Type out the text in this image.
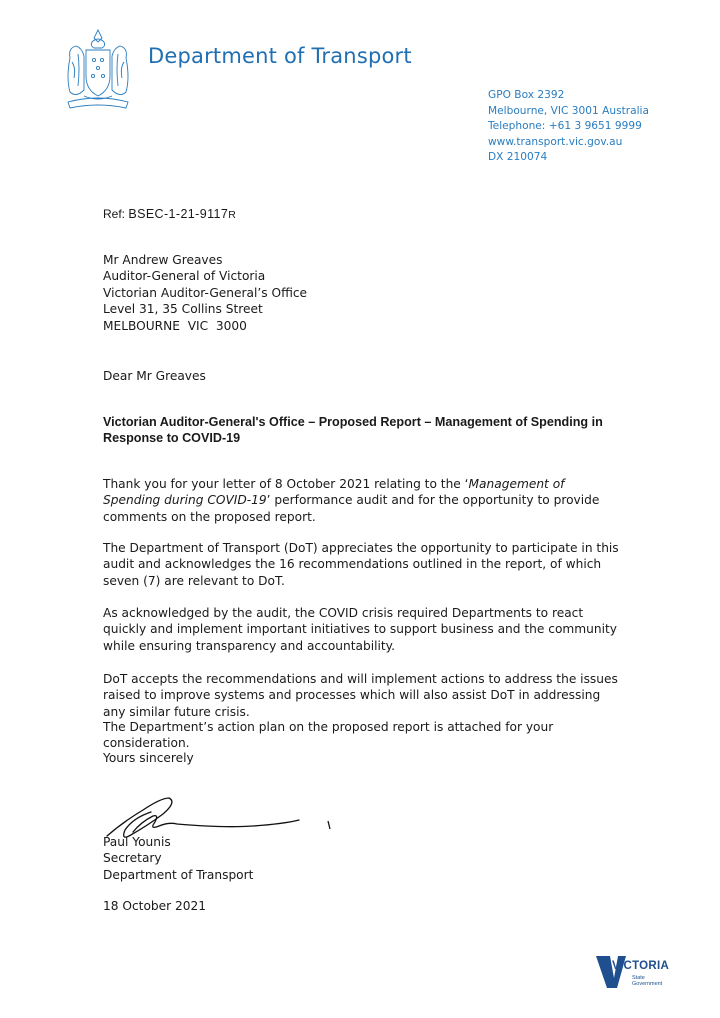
Department of Transport
GPO Box 2392
Melbourne, VIC 3001 Australia
Telephone: +61 3 9651 9999
www.transport.vic.gov.au
DX 210074
Ref: BSEC-1-21-9117R
Mr Andrew Greaves
Auditor-General of Victoria
Victorian Auditor-General’s Office
Level 31, 35 Collins Street
MELBOURNE  VIC  3000
Dear Mr Greaves
Victorian Auditor-General's Office – Proposed Report – Management of Spending in Response to COVID-19
Thank you for your letter of 8 October 2021 relating to the ‘Management of Spending during COVID-19’ performance audit and for the opportunity to provide comments on the proposed report.
The Department of Transport (DoT) appreciates the opportunity to participate in this audit and acknowledges the 16 recommendations outlined in the report, of which seven (7) are relevant to DoT.
As acknowledged by the audit, the COVID crisis required Departments to react quickly and implement important initiatives to support business and the community while ensuring transparency and accountability.
DoT accepts the recommendations and will implement actions to address the issues raised to improve systems and processes which will also assist DoT in addressing any similar future crisis.
The Department’s action plan on the proposed report is attached for your consideration.
Yours sincerely
Paul Younis
Secretary
Department of Transport
18 October 2021
VICTORIA
State
Government
